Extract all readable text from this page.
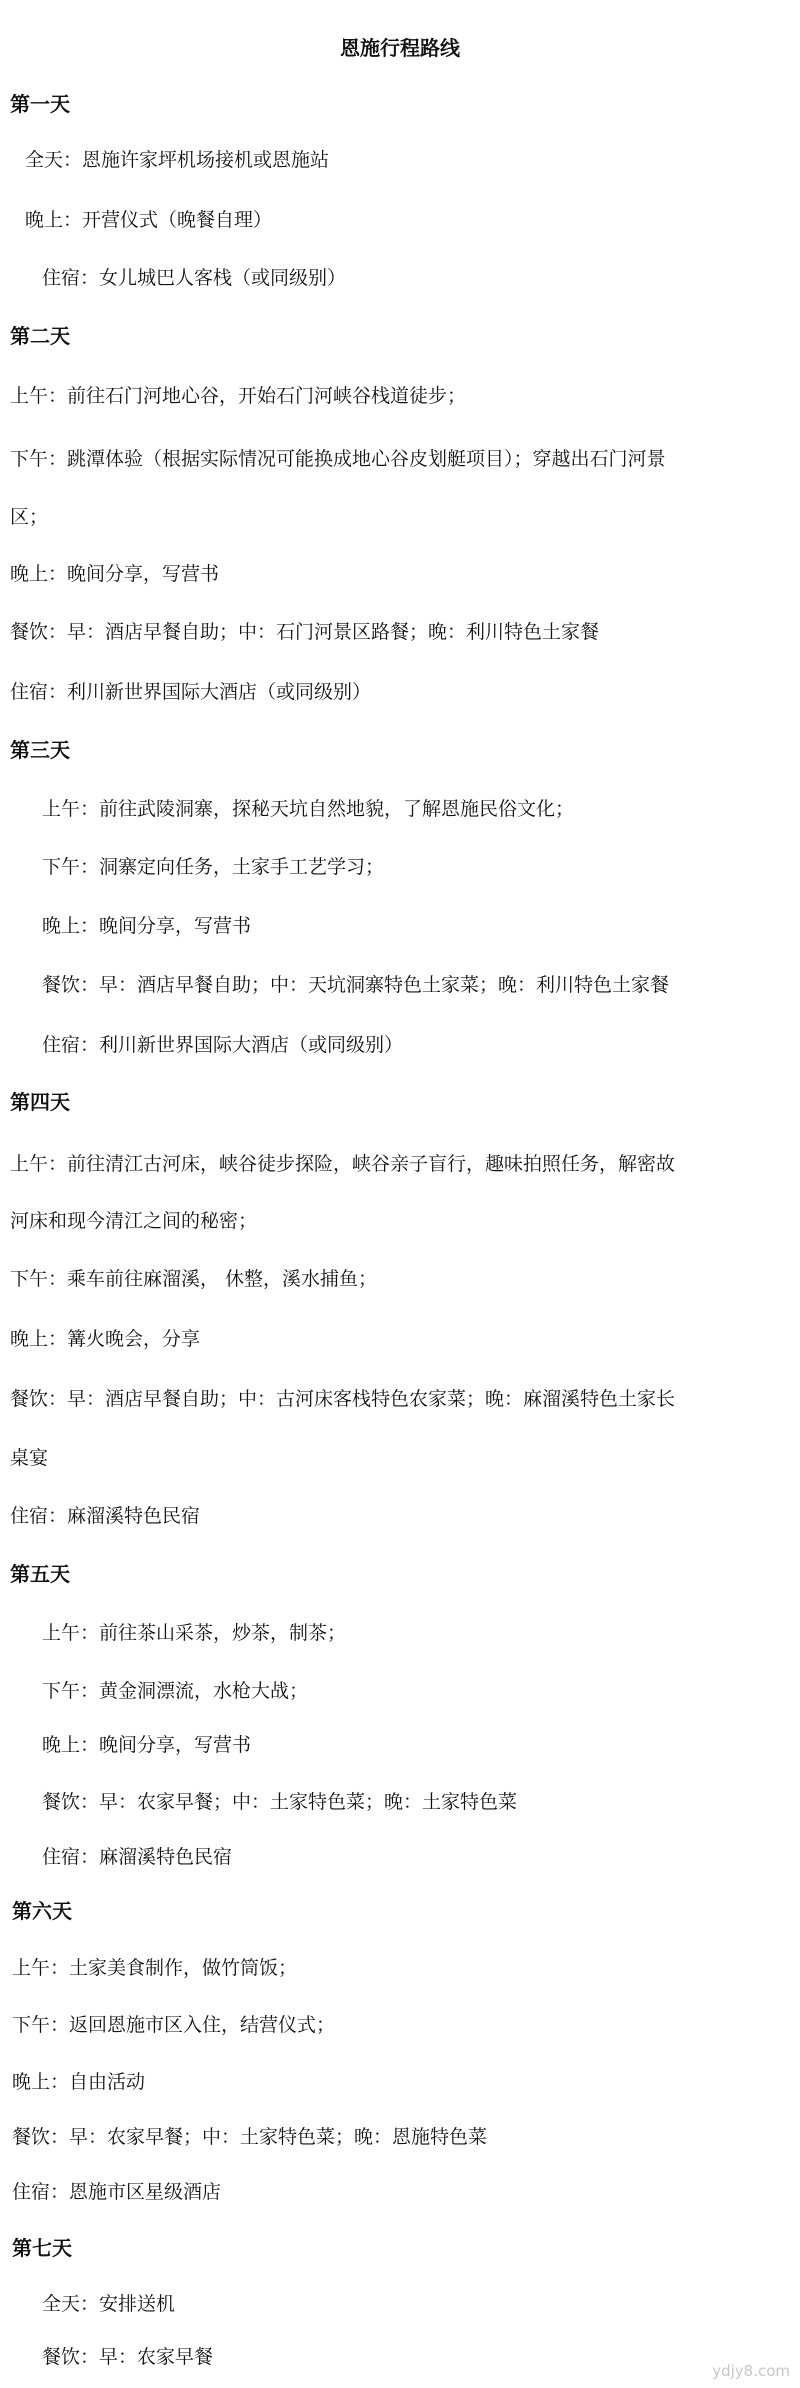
恩施行程路线
第一天
全天：恩施许家坪机场接机或恩施站
晚上：开营仪式（晚餐自理）
住宿：女儿城巴人客栈（或同级别）
第二天
上午：前往石门河地心谷，开始石门河峡谷栈道徒步；
下午：跳潭体验（根据实际情况可能换成地心谷皮划艇项目）；穿越出石门河景
区；
晚上：晚间分享，写营书
餐饮：早：酒店早餐自助；中：石门河景区路餐；晚：利川特色土家餐
住宿：利川新世界国际大酒店（或同级别）
第三天
上午：前往武陵洞寨，探秘天坑自然地貌，了解恩施民俗文化；
下午：洞寨定向任务，土家手工艺学习；
晚上：晚间分享，写营书
餐饮：早：酒店早餐自助；中：天坑洞寨特色土家菜；晚：利川特色土家餐
住宿：利川新世界国际大酒店（或同级别）
第四天
上午：前往清江古河床，峡谷徒步探险，峡谷亲子盲行，趣味拍照任务，解密故
河床和现今清江之间的秘密；
下午：乘车前往麻溜溪， 休整，溪水捕鱼；
晚上：篝火晚会，分享
餐饮：早：酒店早餐自助；中：古河床客栈特色农家菜；晚：麻溜溪特色土家长
桌宴
住宿：麻溜溪特色民宿
第五天
上午：前往茶山采茶，炒茶，制茶；
下午：黄金洞漂流，水枪大战；
晚上：晚间分享，写营书
餐饮：早：农家早餐；中：土家特色菜；晚：土家特色菜
住宿：麻溜溪特色民宿
第六天
上午：土家美食制作，做竹筒饭；
下午：返回恩施市区入住，结营仪式；
晚上：自由活动
餐饮：早：农家早餐；中：土家特色菜；晚：恩施特色菜
住宿：恩施市区星级酒店
第七天
全天：安排送机
餐饮：早：农家早餐
ydjy8.com
